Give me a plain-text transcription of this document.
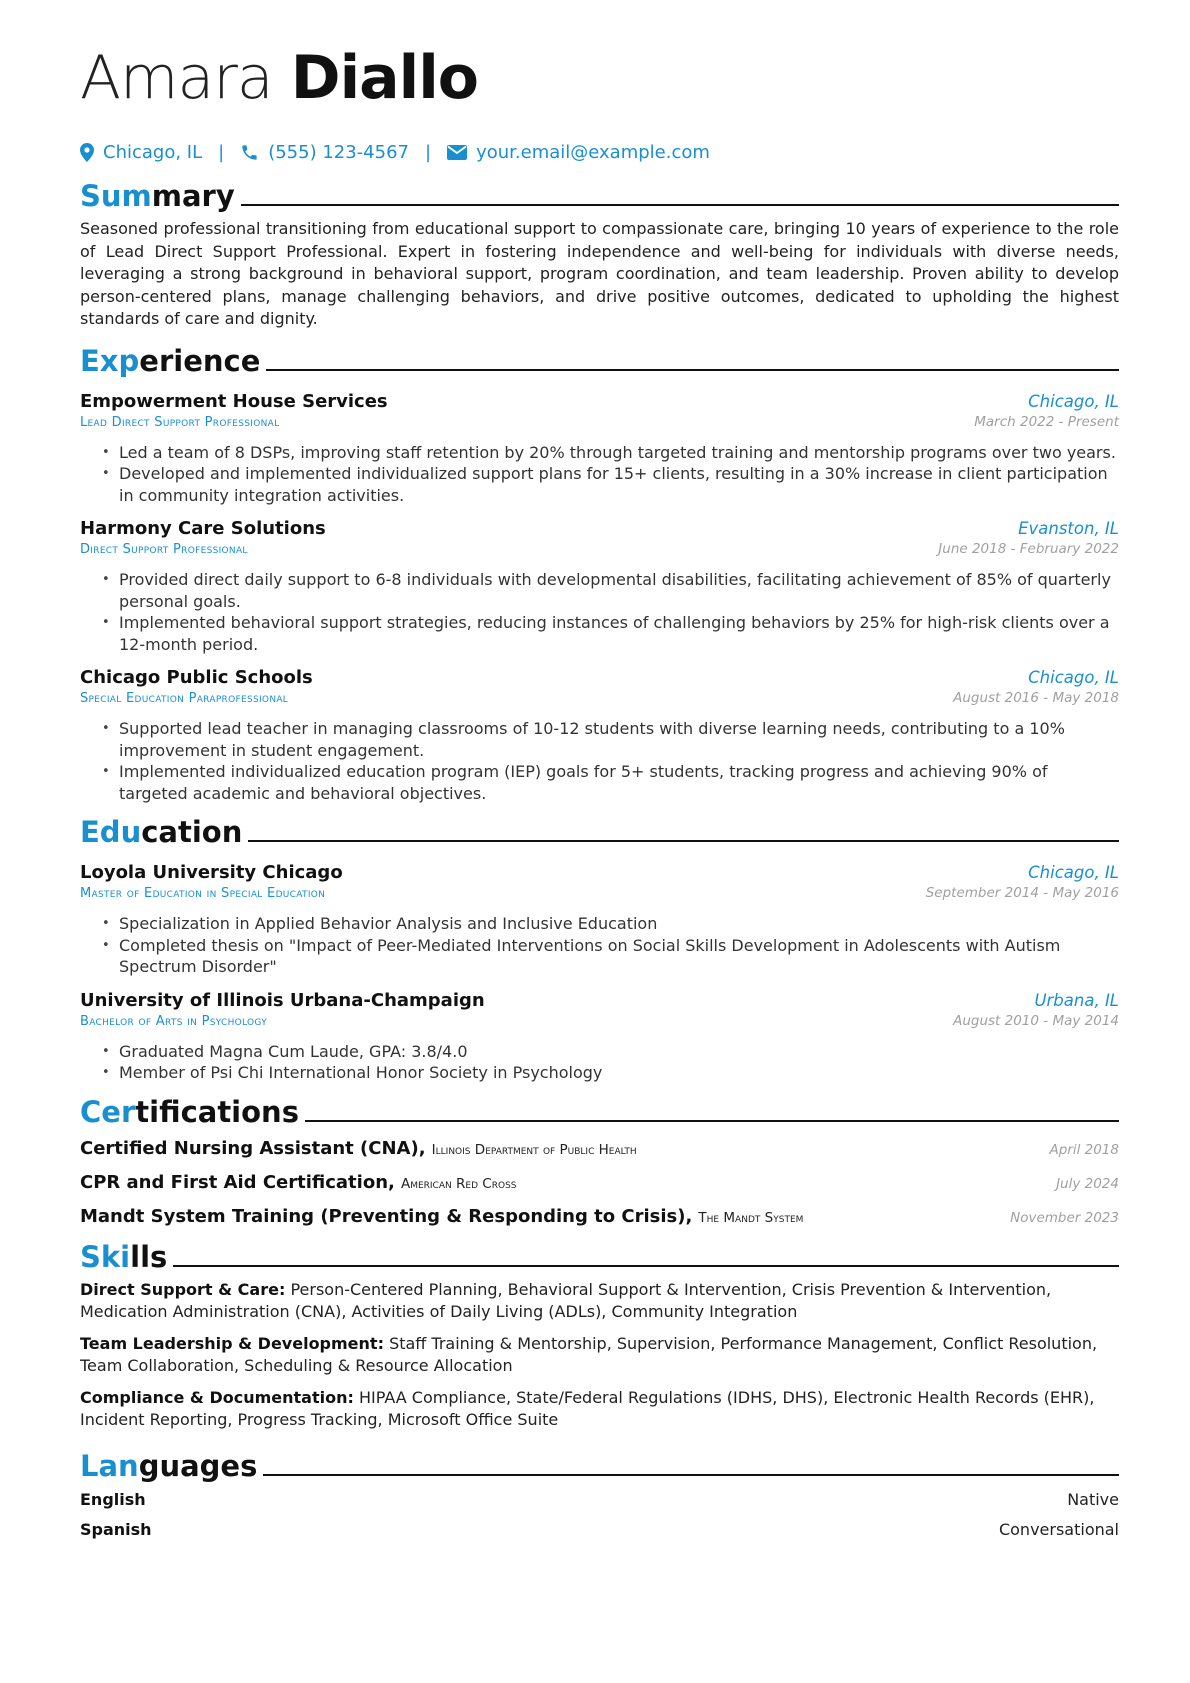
Amara Diallo
Chicago, IL | (555) 123-4567 |	your.email@example.com
Summary

Seasoned professional transitioning from educational support to compassionate care, bringing 10 years of experience to the role of Lead Direct Support Professional. Expert in fostering independence and well-being for individuals with diverse needs, leveraging a strong background in behavioral support, program coordination, and team leadership. Proven ability to develop person-centered plans, manage challenging behaviors, and drive positive outcomes, dedicated to upholding the highest standards of care and dignity.

Experience
Empowerment House Services	Chicago, IL
Lead Direct Support Professional	March 2022 - Present
• Led a team of 8 DSPs, improving staff retention by 20% through targeted training and mentorship programs over two years.
• Developed and implemented individualized support plans for 15+ clients, resulting in a 30% increase in client participation in community integration activities.
Harmony Care Solutions	Evanston, IL
Direct Support Professional	June 2018 - February 2022
• Provided direct daily support to 6-8 individuals with developmental disabilities, facilitating achievement of 85% of quarterly personal goals.
• Implemented behavioral support strategies, reducing instances of challenging behaviors by 25% for high-risk clients over a 12-month period.
Chicago Public Schools	Chicago, IL
Special Education Paraprofessional	August 2016 - May 2018
• Supported lead teacher in managing classrooms of 10-12 students with diverse learning needs, contributing to a 10% improvement in student engagement.
• Implemented individualized education program (IEP) goals for 5+ students, tracking progress and achieving 90% of targeted academic and behavioral objectives.
Education
Loyola University Chicago	Chicago, IL
Master of Education in Special Education	September 2014 - May 2016
• Specialization in Applied Behavior Analysis and Inclusive Education
• Completed thesis on "Impact of Peer-Mediated Interventions on Social Skills Development in Adolescents with Autism Spectrum Disorder"
University of Illinois Urbana-Champaign	Urbana, IL
Bachelor of Arts in Psychology	August 2010 - May 2014
• Graduated Magna Cum Laude, GPA: 3.8/4.0
• Member of Psi Chi International Honor Society in Psychology
Certifications
Certified Nursing Assistant (CNA), Illinois Department of Public Health	April 2018
CPR and First Aid Certification, American Red Cross	July 2024
Mandt System Training (Preventing & Responding to Crisis), The Mandt System	November 2023
Skills

Direct Support & Care: Person-Centered Planning, Behavioral Support & Intervention, Crisis Prevention & Intervention, Medication Administration (CNA), Activities of Daily Living (ADLs), Community Integration

Team Leadership & Development: Staff Training & Mentorship, Supervision, Performance Management, Conflict Resolution, Team Collaboration, Scheduling & Resource Allocation

Compliance & Documentation: HIPAA Compliance, State/Federal Regulations (IDHS, DHS), Electronic Health Records (EHR), Incident Reporting, Progress Tracking, Microsoft Office Suite

Languages
English	Native
Spanish	Conversational
